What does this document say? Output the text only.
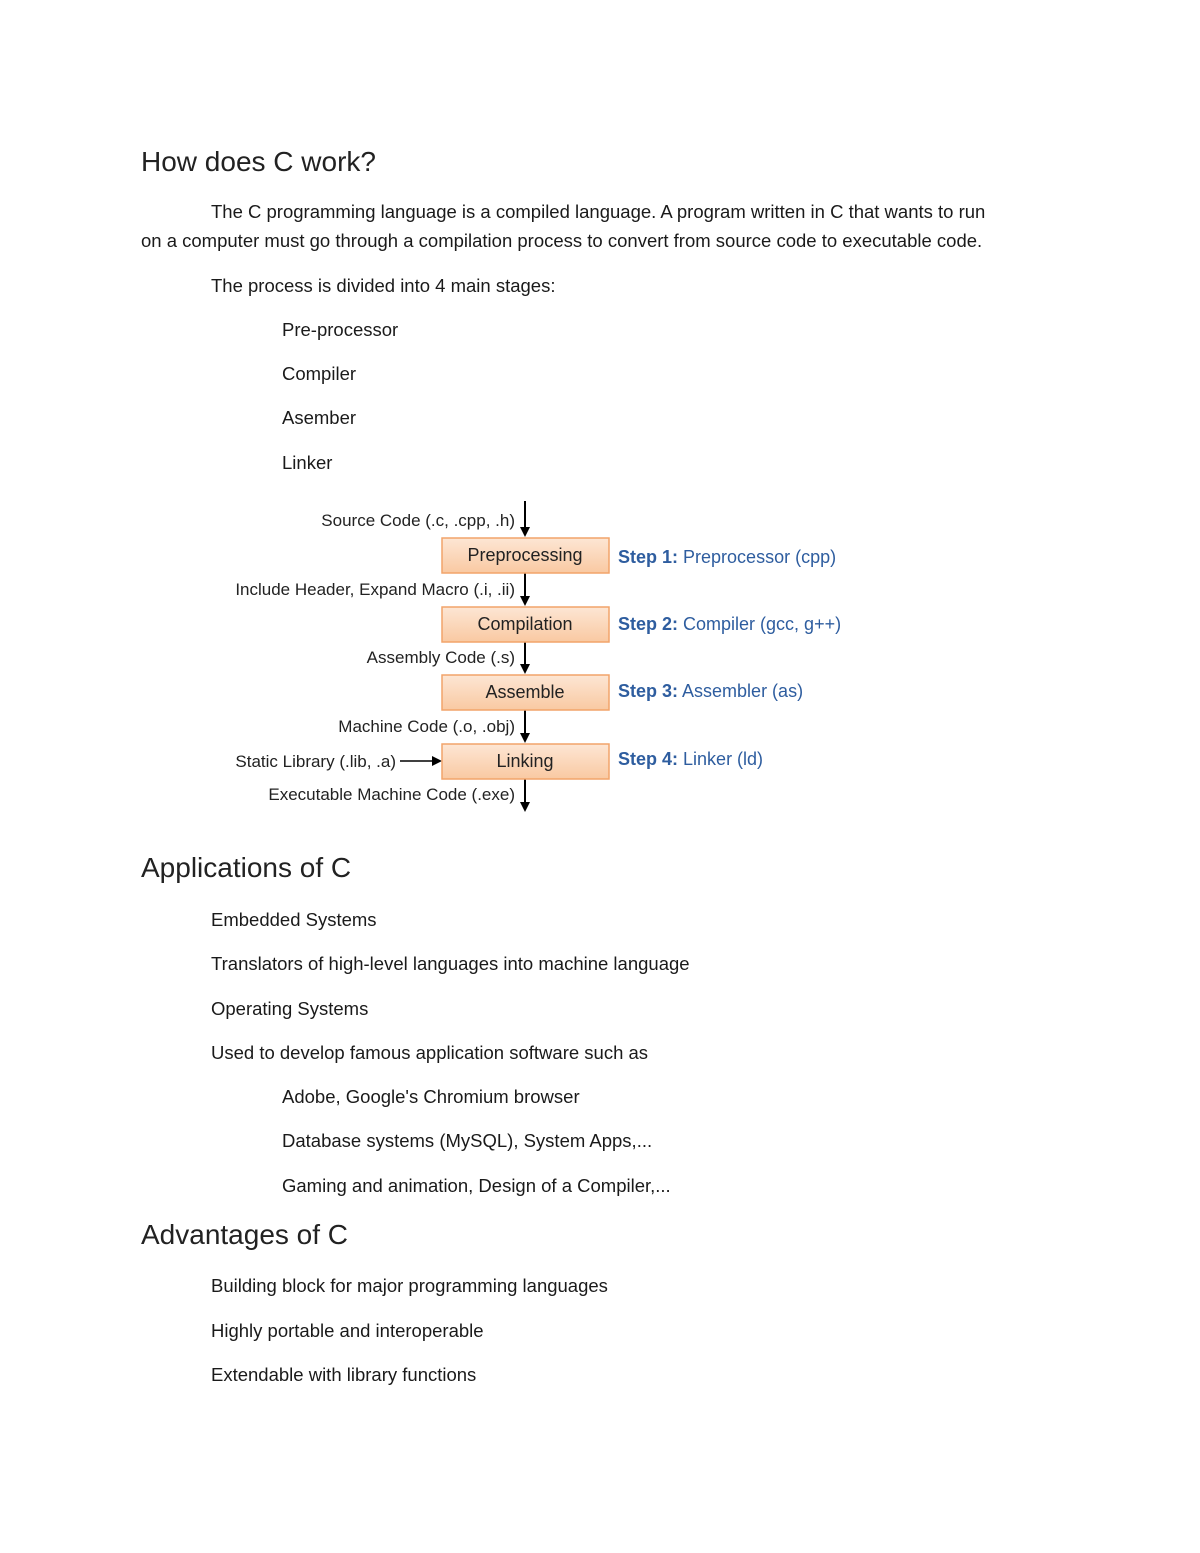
How does C work?

The C programming language is a compiled language. A program written in C that wants to run

on a computer must go through a compilation process to convert from source code to executable code.

The process is divided into 4 main stages:

Pre-processor

Compiler

Asember

Linker

Preprocessing
Compilation
Assemble
Linking
Source Code (.c, .cpp, .h)
Include Header, Expand Macro (.i, .ii)
Assembly Code (.s)
Machine Code (.o, .obj)
Static Library (.lib, .a)
Executable Machine Code (.exe)
Step 1: Preprocessor (cpp)
Step 2: Compiler (gcc, g++)
Step 3: Assembler (as)
Step 4: Linker (ld)
Applications of C

Embedded Systems

Translators of high-level languages into machine language

Operating Systems

Used to develop famous application software such as

Adobe, Google's Chromium browser

Database systems (MySQL), System Apps,...

Gaming and animation, Design of a Compiler,...

Advantages of C

Building block for major programming languages

Highly portable and interoperable

Extendable with library functions
